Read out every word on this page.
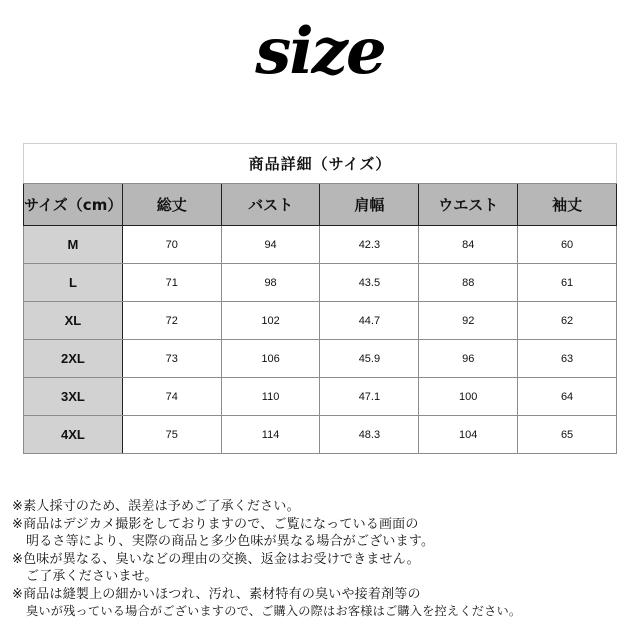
size
商品詳細（サイズ）					
サイズ（cm）	総丈	バスト	肩幅	ウエスト	袖丈
M	70	94	42.3	84	60
L	71	98	43.5	88	61
XL	72	102	44.7	92	62
2XL	73	106	45.9	96	63
3XL	74	110	47.1	100	64
4XL	75	114	48.3	104	65
※素人採寸のため、誤差は予めご了承ください。
※商品はデジカメ撮影をしておりますので、ご覧になっている画面の
明るさ等により、実際の商品と多少色味が異なる場合がございます。
※色味が異なる、臭いなどの理由の交換、返金はお受けできません。
ご了承くださいませ。
※商品は縫製上の細かいほつれ、汚れ、素材特有の臭いや接着剤等の
臭いが残っている場合がございますので、ご購入の際はお客様はご購入を控えください。
